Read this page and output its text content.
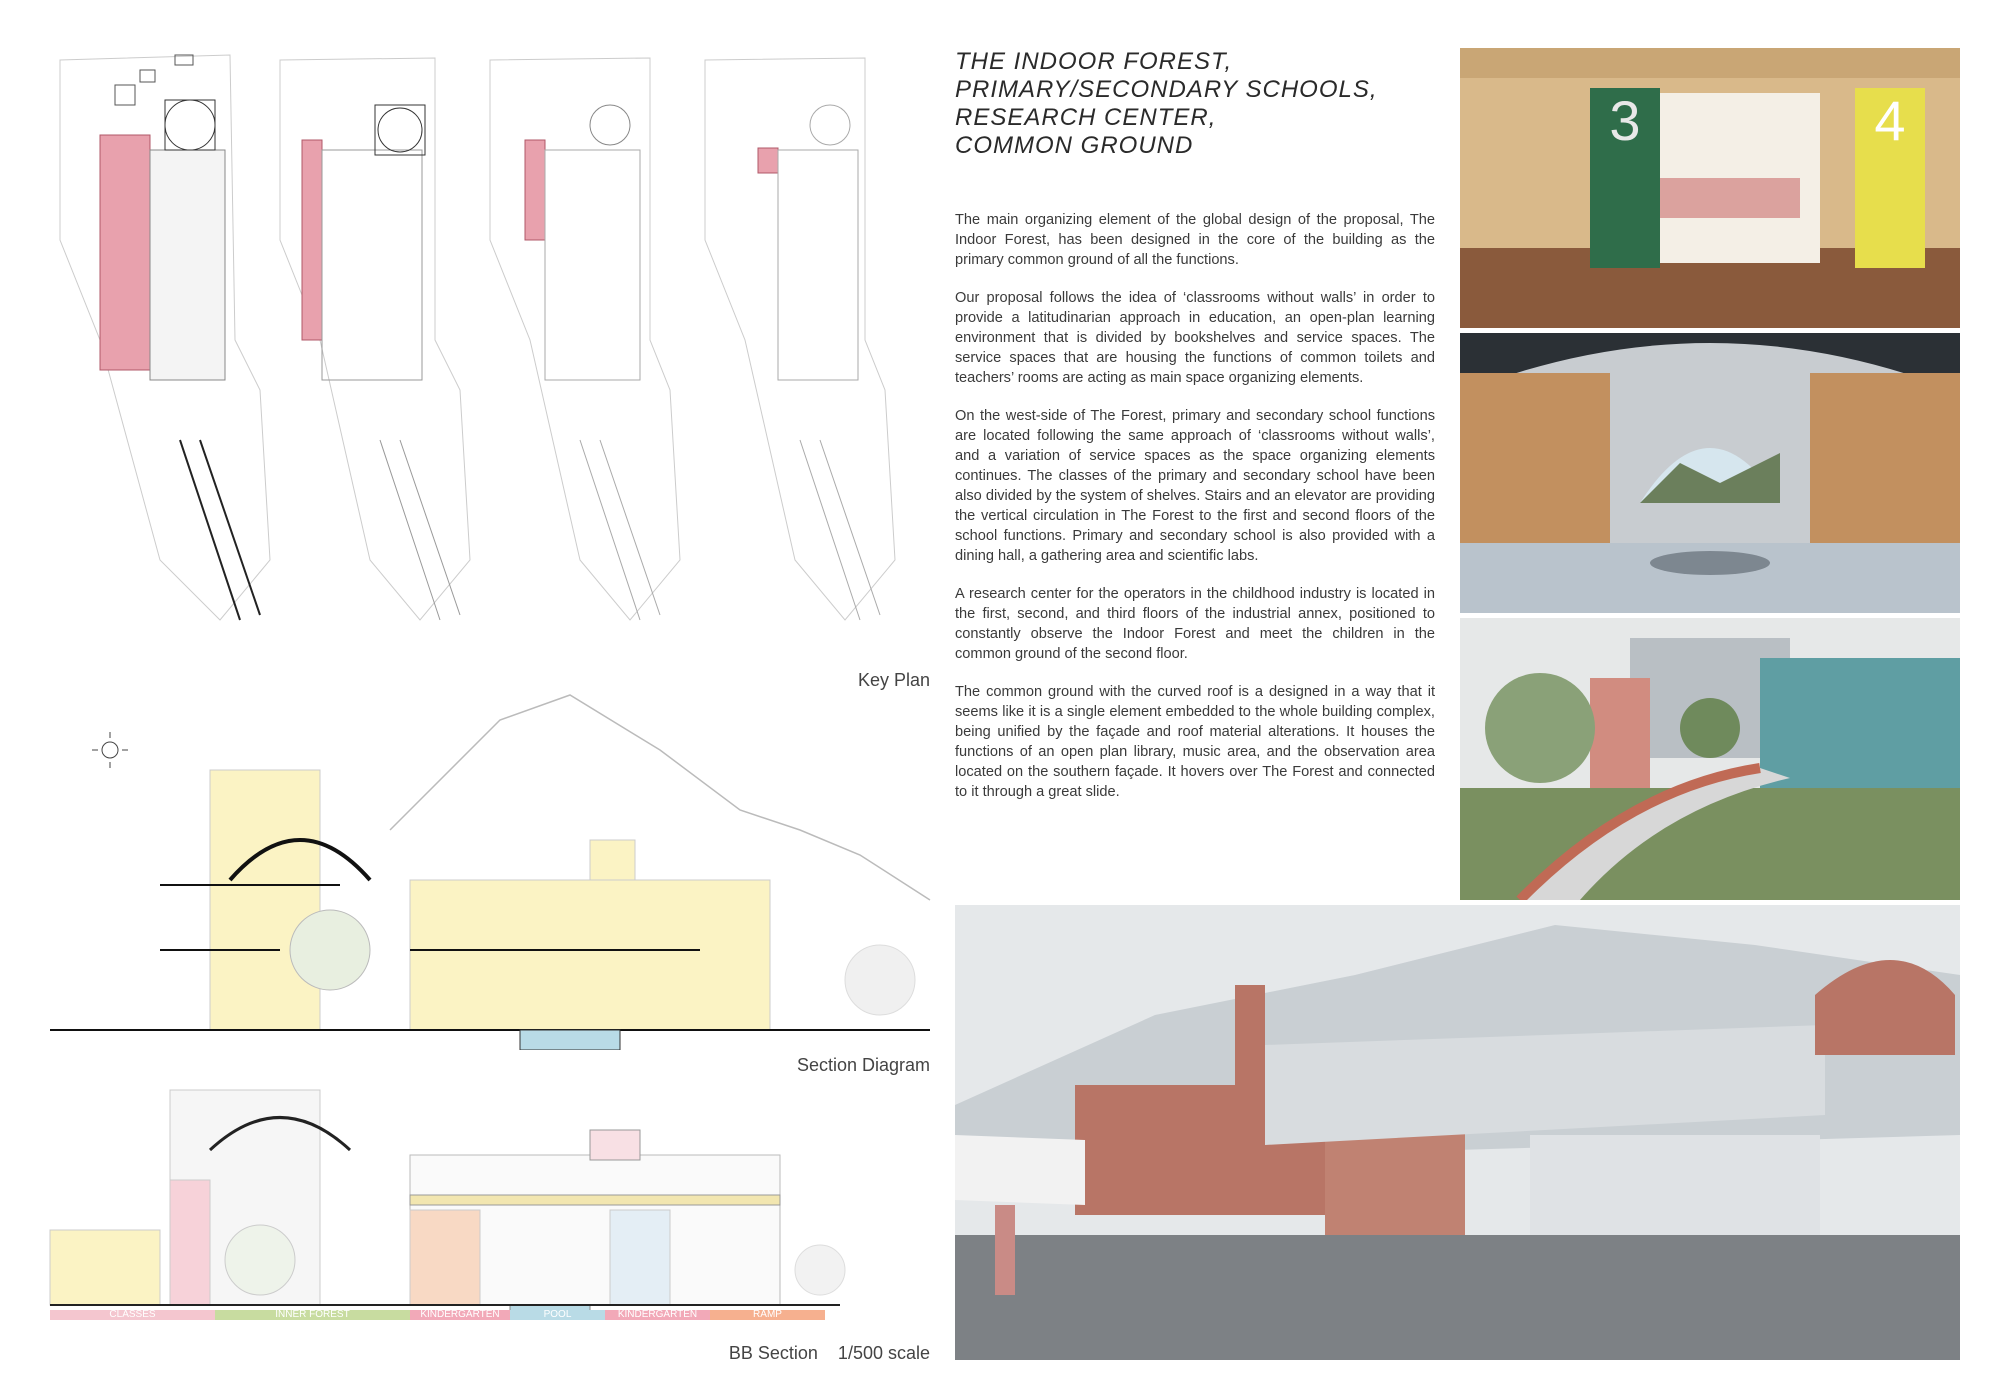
Key Plan
Section Diagram
CLASSES	INNER FOREST	KINDERGARTEN	POOL	KINDERGARTEN	RAMP
BB Section    1/500 scale
THE INDOOR FOREST,
PRIMARY/SECONDARY SCHOOLS,
RESEARCH CENTER,
COMMON GROUND

The main organizing element of the global design of the proposal, The Indoor Forest, has been designed in the core of the building as the primary common ground of all the functions.

Our proposal follows the idea of ‘classrooms without walls’ in order to provide a latitudinarian approach in education, an open-plan learning environment that is divided by bookshelves and service spaces. The service spaces that are housing the functions of common toilets and teachers’ rooms are acting as main space organizing elements.

On the west-side of The Forest, primary and secondary school functions are located following the same approach of ‘classrooms without walls’, and a variation of service spaces as the space organizing elements continues. The classes of the primary and secondary school have been also divided by the system of shelves. Stairs and an elevator are providing the vertical circulation in The Forest to the first and second floors of the school functions. Primary and secondary school is also provided with a dining hall, a gathering area and scientific labs.

A research center for the operators in the childhood industry is located in the first, second, and third floors of the industrial annex, positioned to constantly observe the Indoor Forest and meet the children in the common ground of the second floor.

The common ground with the curved roof is a designed in a way that it seems like it is a single element embedded to the whole building complex, being unified by the façade and roof material alterations. It houses the functions of an open plan library, music area, and the observation area located on the southern façade. It hovers over The Forest and connected to it through a great slide.

3	4
